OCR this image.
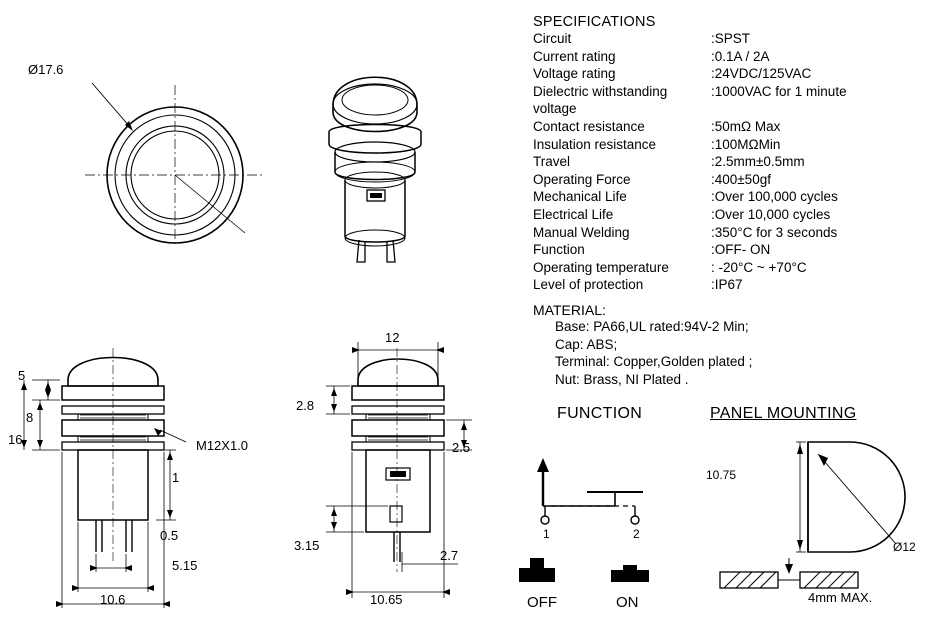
Ø17.6
5
8
16	M12X1.0
1
0.5
5.15
10.6
12
2.8
2.5
3.15
2.7
10.65
SPECIFICATIONS
Circuit	:SPST
Current rating	:0.1A / 2A
Voltage rating	:24VDC/125VAC
Dielectric withstanding voltage
:1000VAC for 1 minute
Contact resistance	:50mΩ Max
Insulation resistance	:100MΩMin
Travel	:2.5mm±0.5mm
Operating Force	:400±50gf
Mechanical Life	:Over 100,000 cycles
Electrical Life	:Over 10,000 cycles
Manual Welding	:350°C for 3 seconds
Function	:OFF- ON
Operating temperature	: -20°C ~ +70°C
Level of protection	:IP67
MATERIAL:
Base: PA66,UL rated:94V-2 Min;
Cap: ABS;
Terminal: Copper,Golden plated ;
Nut: Brass, NI Plated .
FUNCTION	PANEL MOUNTING
1	2
OFF	ON
10.75
Ø12
4mm MAX.
